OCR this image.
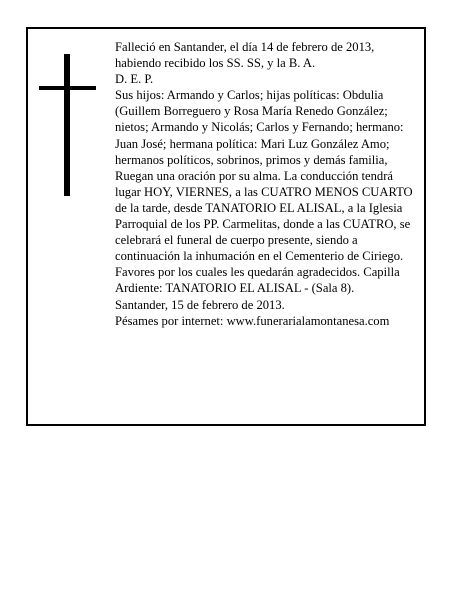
Falleció en Santander, el día 14 de febrero de 2013, habiendo recibido los SS. SS, y la B. A.

D. E. P.

Sus hijos: Armando y Carlos; hijas políticas: Obdulia (Guillem Borreguero y Rosa María Renedo González; nietos; Armando y Nicolás; Carlos y Fernando; hermano: Juan José; hermana política: Mari Luz González Amo; hermanos políticos, sobrinos, primos y demás familia,

Ruegan una oración por su alma. La conducción tendrá lugar HOY, VIERNES, a las CUATRO MENOS CUARTO de la tarde, desde TANATORIO EL ALISAL, a la Iglesia Parroquial de los PP. Carmelitas, donde a las CUATRO, se celebrará el funeral de cuerpo presente, siendo a continuación la inhumación en el Cementerio de Ciriego. Favores por los cuales les quedarán agradecidos. Capilla Ardiente: TANATORIO EL ALISAL - (Sala 8).

Santander, 15 de febrero de 2013.

Pésames por internet: www.funerarialamontanesa.com
